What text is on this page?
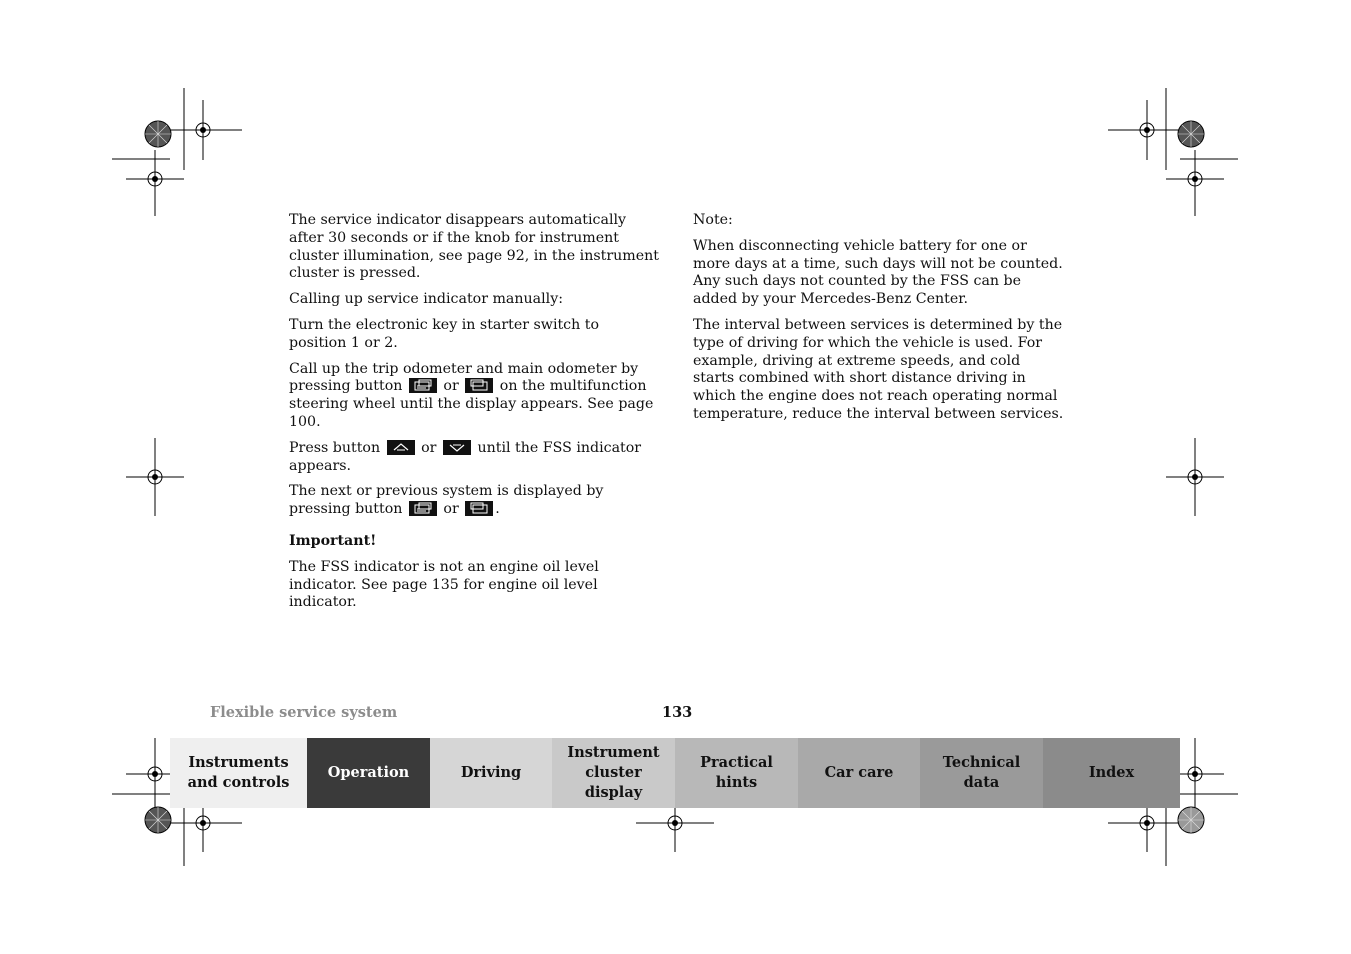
The service indicator disappears automatically after 30 seconds or if the knob for instrument cluster illumination, see page 92, in the instrument cluster is pressed.

Calling up service indicator manually:

Turn the electronic key in starter switch to position 1 or 2.

Call up the trip odometer and main odometer by pressing button	or	on the multifunction steering wheel until the display appears. See page 100.

Press button	or	until the FSS indicator appears.

The next or previous system is displayed by pressing button	or	.

Important!

The FSS indicator is not an engine oil level indicator. See page 135 for engine oil level indicator.

Note:

When disconnecting vehicle battery for one or more days at a time, such days will not be counted. Any such days not counted by the FSS can be added by your Mercedes-Benz Center.

The interval between services is determined by the type of driving for which the vehicle is used. For example, driving at extreme speeds, and cold starts combined with short distance driving in which the engine does not reach operating normal temperature, reduce the interval between services.

Flexible service system	133
Instruments
and controls
Operation	Driving
Instrument
cluster display
Practical hints
Car care
Technical
data
Index
